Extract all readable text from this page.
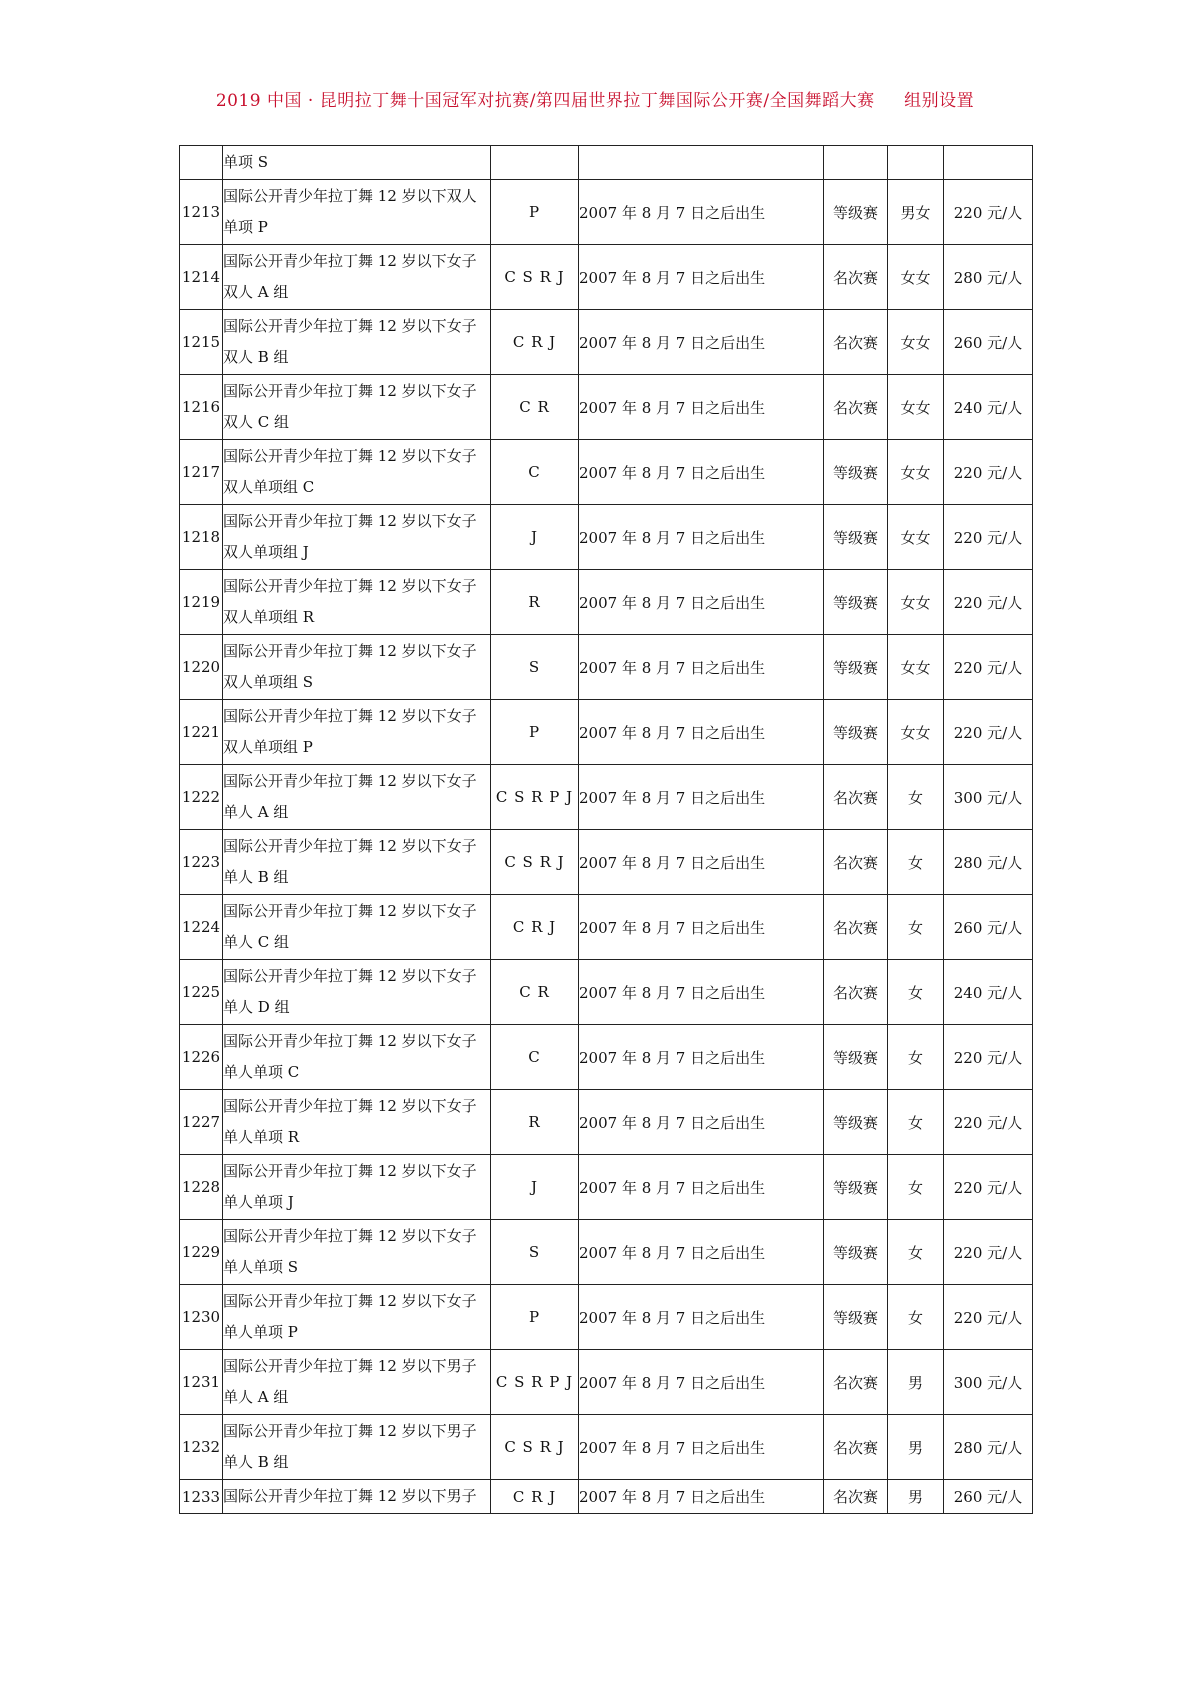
2019 中国 · 昆明拉丁舞十国冠军对抗赛/第四届世界拉丁舞国际公开赛/全国舞蹈大赛     组别设置
	单项 S					
1213	国际公开青少年拉丁舞 12 岁以下双人单项 P	P	2007 年 8 月 7 日之后出生	等级赛	男女	220 元/人
1214	国际公开青少年拉丁舞 12 岁以下女子双人 A 组	C S R J	2007 年 8 月 7 日之后出生	名次赛	女女	280 元/人
1215	国际公开青少年拉丁舞 12 岁以下女子双人 B 组	C R J	2007 年 8 月 7 日之后出生	名次赛	女女	260 元/人
1216	国际公开青少年拉丁舞 12 岁以下女子双人 C 组	C R	2007 年 8 月 7 日之后出生	名次赛	女女	240 元/人
1217	国际公开青少年拉丁舞 12 岁以下女子双人单项组 C	C	2007 年 8 月 7 日之后出生	等级赛	女女	220 元/人
1218	国际公开青少年拉丁舞 12 岁以下女子双人单项组 J	J	2007 年 8 月 7 日之后出生	等级赛	女女	220 元/人
1219	国际公开青少年拉丁舞 12 岁以下女子双人单项组 R	R	2007 年 8 月 7 日之后出生	等级赛	女女	220 元/人
1220	国际公开青少年拉丁舞 12 岁以下女子双人单项组 S	S	2007 年 8 月 7 日之后出生	等级赛	女女	220 元/人
1221	国际公开青少年拉丁舞 12 岁以下女子双人单项组 P	P	2007 年 8 月 7 日之后出生	等级赛	女女	220 元/人
1222	国际公开青少年拉丁舞 12 岁以下女子单人 A 组	C S R P J	2007 年 8 月 7 日之后出生	名次赛	女	300 元/人
1223	国际公开青少年拉丁舞 12 岁以下女子单人 B 组	C S R J	2007 年 8 月 7 日之后出生	名次赛	女	280 元/人
1224	国际公开青少年拉丁舞 12 岁以下女子单人 C 组	C R J	2007 年 8 月 7 日之后出生	名次赛	女	260 元/人
1225	国际公开青少年拉丁舞 12 岁以下女子单人 D 组	C R	2007 年 8 月 7 日之后出生	名次赛	女	240 元/人
1226	国际公开青少年拉丁舞 12 岁以下女子单人单项 C	C	2007 年 8 月 7 日之后出生	等级赛	女	220 元/人
1227	国际公开青少年拉丁舞 12 岁以下女子单人单项 R	R	2007 年 8 月 7 日之后出生	等级赛	女	220 元/人
1228	国际公开青少年拉丁舞 12 岁以下女子单人单项 J	J	2007 年 8 月 7 日之后出生	等级赛	女	220 元/人
1229	国际公开青少年拉丁舞 12 岁以下女子单人单项 S	S	2007 年 8 月 7 日之后出生	等级赛	女	220 元/人
1230	国际公开青少年拉丁舞 12 岁以下女子单人单项 P	P	2007 年 8 月 7 日之后出生	等级赛	女	220 元/人
1231	国际公开青少年拉丁舞 12 岁以下男子单人 A 组	C S R P J	2007 年 8 月 7 日之后出生	名次赛	男	300 元/人
1232	国际公开青少年拉丁舞 12 岁以下男子单人 B 组	C S R J	2007 年 8 月 7 日之后出生	名次赛	男	280 元/人
1233	国际公开青少年拉丁舞 12 岁以下男子	C R J	2007 年 8 月 7 日之后出生	名次赛	男	260 元/人
